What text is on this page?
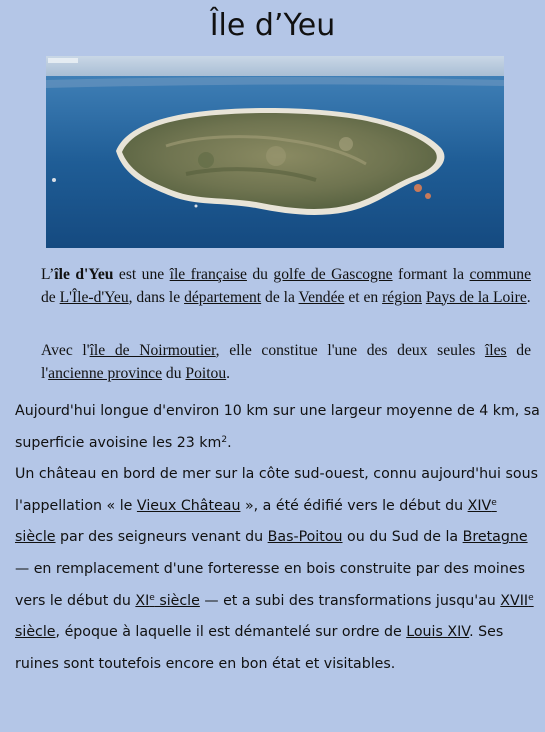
Île d’Yeu
L’île d'Yeu est une île française du golfe de Gascogne formant la commune de L'Île-d'Yeu, dans le département de la Vendée et en région Pays de la Loire.
Avec l'île de Noirmoutier, elle constitue l'une des deux seules îles de l'ancienne province du Poitou.

Aujourd'hui longue d'environ 10 km sur une largeur moyenne de 4 km, sa superficie avoisine les 23 $km^2$.

Un château en bord de mer sur la côte sud-ouest, connu aujourd'hui sous l'appellation « le Vieux Château », a été édifié vers le début du XIVe siècle par des seigneurs venant du Bas-Poitou ou du Sud de la Bretagne — en remplacement d'une forteresse en bois construite par des moines vers le début du XIe siècle — et a subi des transformations jusqu'au XVIIe siècle, époque à laquelle il est démantelé sur ordre de Louis XIV. Ses ruines sont toutefois encore en bon état et visitables.
